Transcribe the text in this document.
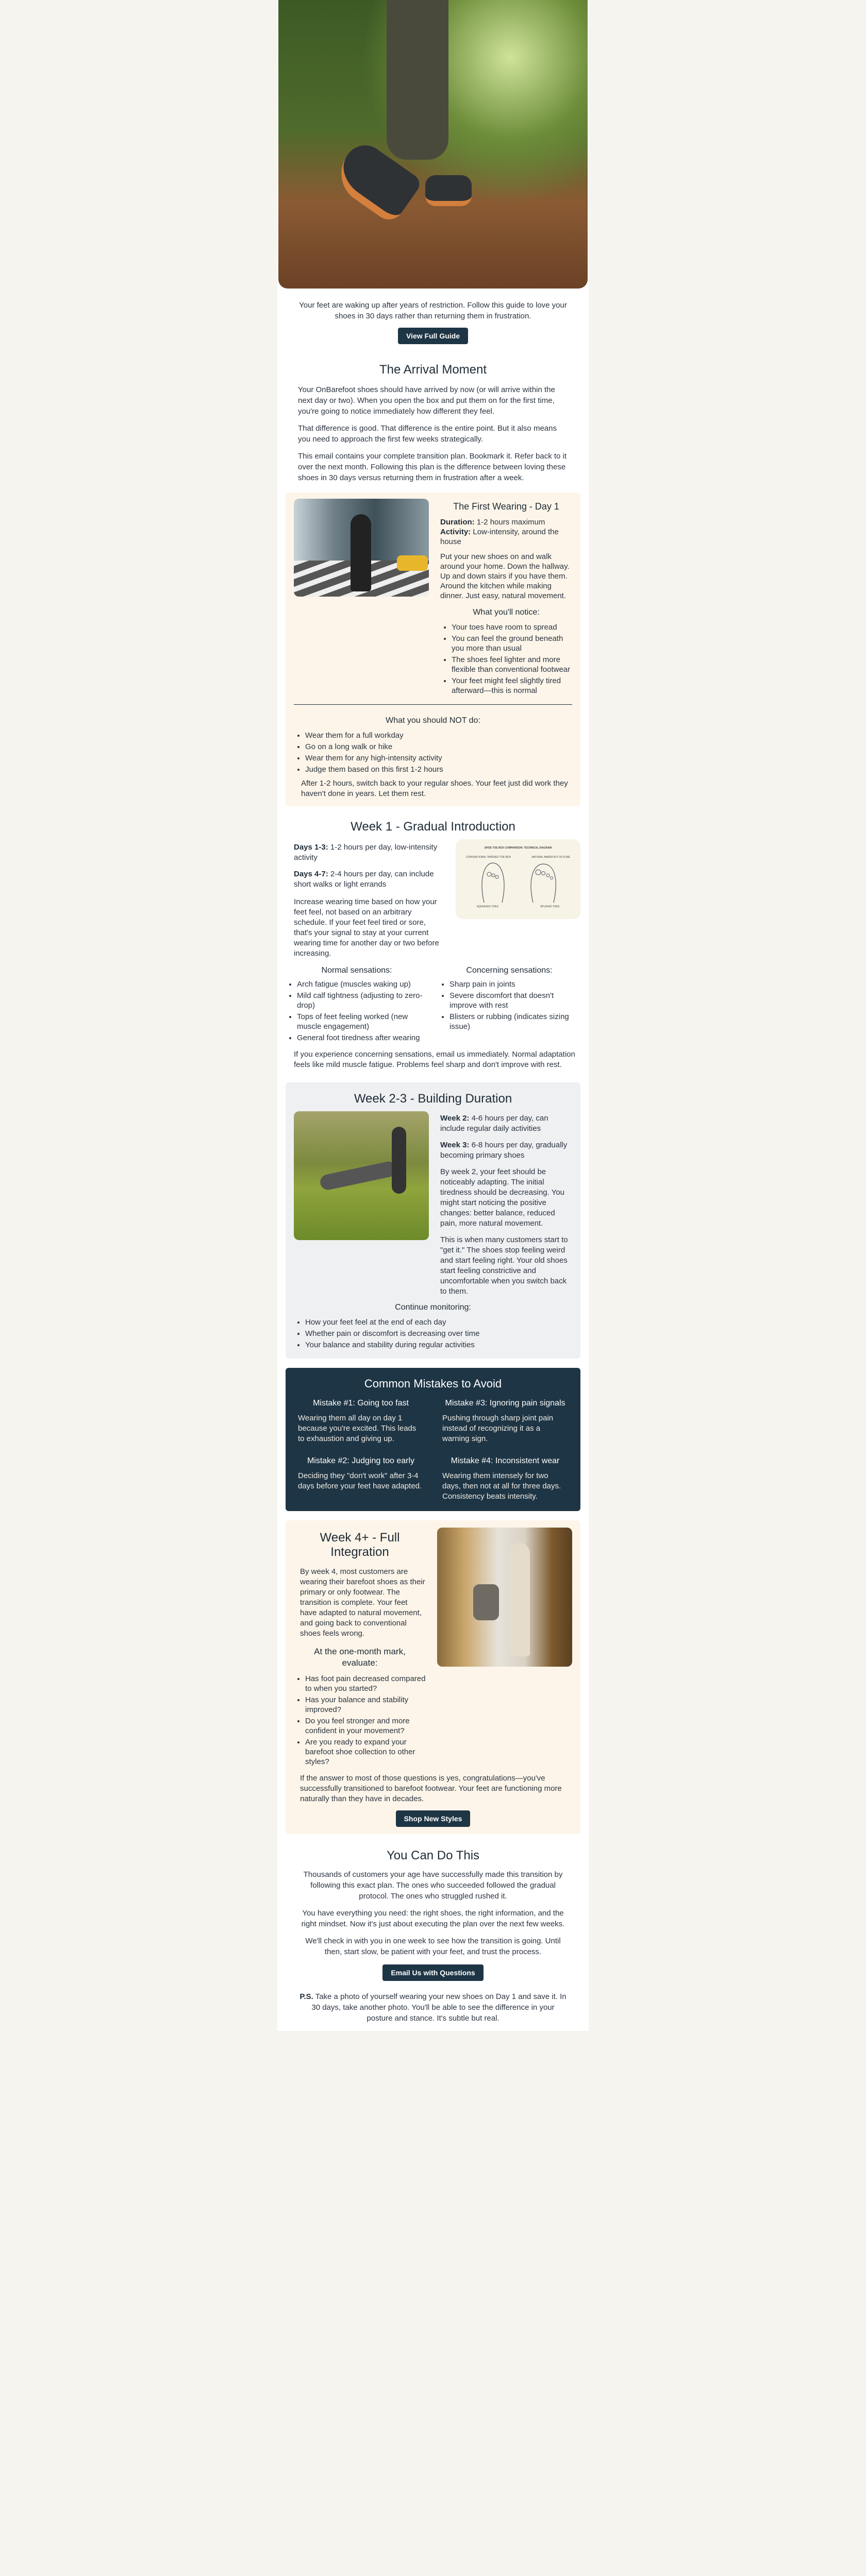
Your feet are waking up after years of restriction. Follow this guide to love your shoes in 30 days rather than returning them in frustration.
View Full Guide
The Arrival Moment

Your OnBarefoot shoes should have arrived by now (or will arrive within the next day or two). When you open the box and put them on for the first time, you're going to notice immediately how different they feel.

That difference is good. That difference is the entire point. But it also means you need to approach the first few weeks strategically.

This email contains your complete transition plan. Bookmark it. Refer back to it over the next month. Following this plan is the difference between loving these shoes in 30 days versus returning them in frustration after a week.

The First Wearing - Day 1
Duration: 1-2 hours maximum
Activity: Low-intensity, around the house

Put your new shoes on and walk around your home. Down the hallway. Up and down stairs if you have them. Around the kitchen while making dinner. Just easy, natural movement.

What you'll notice:
• Your toes have room to spread
• You can feel the ground beneath you more than usual
• The shoes feel lighter and more flexible than conventional footwear
• Your feet might feel slightly tired afterward—this is normal
What you should NOT do:
• Wear them for a full workday
• Go on a long walk or hike
• Wear them for any high-intensity activity
• Judge them based on this first 1-2 hours

After 1-2 hours, switch back to your regular shoes. Your feet just did work they haven't done in years. Let them rest.

Week 1 - Gradual Introduction

Days 1-3: 1-2 hours per day, low-intensity activity

Days 4-7: 2-4 hours per day, can include short walks or light errands

Increase wearing time based on how your feet feel, not based on an arbitrary schedule. If your feet feel tired or sore, that's your signal to stay at your current wearing time for another day or two before increasing.

SHOE TOE BOX COMPARISON: TECHNICAL DIAGRAM
CONVENTIONAL TAPERED TOE BOX	NATURAL BAREFOOT OUTLINE
SQUEEZED TOES	SPLAYED TOES
Normal sensations:
• Arch fatigue (muscles waking up)
• Mild calf tightness (adjusting to zero-drop)
• Tops of feet feeling worked (new muscle engagement)
• General foot tiredness after wearing
Concerning sensations:
• Sharp pain in joints
• Severe discomfort that doesn't improve with rest
• Blisters or rubbing (indicates sizing issue)

If you experience concerning sensations, email us immediately. Normal adaptation feels like mild muscle fatigue. Problems feel sharp and don't improve with rest.

Week 2-3 - Building Duration

Week 2: 4-6 hours per day, can include regular daily activities

Week 3: 6-8 hours per day, gradually becoming primary shoes

By week 2, your feet should be noticeably adapting. The initial tiredness should be decreasing. You might start noticing the positive changes: better balance, reduced pain, more natural movement.

This is when many customers start to "get it." The shoes stop feeling weird and start feeling right. Your old shoes start feeling constrictive and uncomfortable when you switch back to them.

Continue monitoring:
• How your feet feel at the end of each day
• Whether pain or discomfort is decreasing over time
• Your balance and stability during regular activities
Common Mistakes to Avoid
Mistake #1: Going too fast

Wearing them all day on day 1 because you're excited. This leads to exhaustion and giving up.

Mistake #2: Judging too early

Deciding they "don't work" after 3-4 days before your feet have adapted.

Mistake #3: Ignoring pain signals

Pushing through sharp joint pain instead of recognizing it as a warning sign.

Mistake #4: Inconsistent wear

Wearing them intensely for two days, then not at all for three days. Consistency beats intensity.

Week 4+ - Full Integration

By week 4, most customers are wearing their barefoot shoes as their primary or only footwear. The transition is complete. Your feet have adapted to natural movement, and going back to conventional shoes feels wrong.

At the one-month mark, evaluate:
• Has foot pain decreased compared to when you started?
• Has your balance and stability improved?
• Do you feel stronger and more confident in your movement?
• Are you ready to expand your barefoot shoe collection to other styles?

If the answer to most of those questions is yes, congratulations—you've successfully transitioned to barefoot footwear. Your feet are functioning more naturally than they have in decades.

Shop New Styles
You Can Do This

Thousands of customers your age have successfully made this transition by following this exact plan. The ones who succeeded followed the gradual protocol. The ones who struggled rushed it.

You have everything you need: the right shoes, the right information, and the right mindset. Now it's just about executing the plan over the next few weeks.

We'll check in with you in one week to see how the transition is going. Until then, start slow, be patient with your feet, and trust the process.

Email Us with Questions

P.S. Take a photo of yourself wearing your new shoes on Day 1 and save it. In 30 days, take another photo. You'll be able to see the difference in your posture and stance. It's subtle but real.
